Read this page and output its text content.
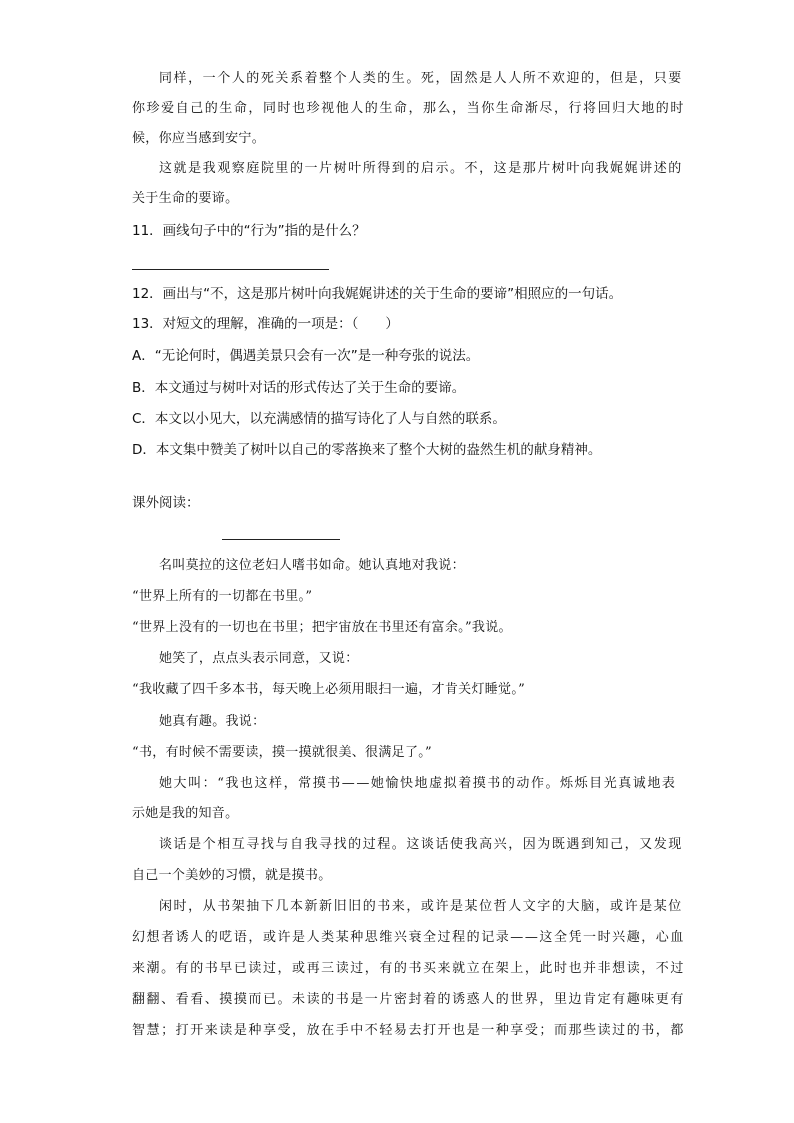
同样，一个人的死关系着整个人类的生。死，固然是人人所不欢迎的，但是，只要
你珍爱自己的生命，同时也珍视他人的生命，那么，当你生命渐尽，行将回归大地的时
候，你应当感到安宁。
这就是我观察庭院里的一片树叶所得到的启示。不，这是那片树叶向我娓娓讲述的
关于生命的要谛。
11．画线句子中的“行为”指的是什么？
12．画出与“不，这是那片树叶向我娓娓讲述的关于生命的要谛”相照应的一句话。
13．对短文的理解，准确的一项是：（　　）
A．“无论何时，偶遇美景只会有一次”是一种夸张的说法。
B．本文通过与树叶对话的形式传达了关于生命的要谛。
C．本文以小见大，以充满感情的描写诗化了人与自然的联系。
D．本文集中赞美了树叶以自己的零落换来了整个大树的盎然生机的献身精神。
课外阅读：
名叫莫拉的这位老妇人嗜书如命。她认真地对我说：
“世界上所有的一切都在书里。”
“世界上没有的一切也在书里；把宇宙放在书里还有富余。”我说。
她笑了，点点头表示同意，又说：
“我收藏了四千多本书，每天晚上必须用眼扫一遍，才肯关灯睡觉。”
她真有趣。我说：
“书，有时候不需要读，摸一摸就很美、很满足了。”
她大叫：“我也这样，常摸书——她愉快地虚拟着摸书的动作。烁烁目光真诚地表
示她是我的知音。
谈话是个相互寻找与自我寻找的过程。这谈话使我高兴，因为既遇到知己，又发现
自己一个美妙的习惯，就是摸书。
闲时，从书架抽下几本新新旧旧的书来，或许是某位哲人文字的大脑，或许是某位
幻想者诱人的呓语，或许是人类某种思维兴衰全过程的记录——这全凭一时兴趣，心血
来潮。有的书早已读过，或再三读过，有的书买来就立在架上，此时也并非想读，不过
翻翻、看看、摸摸而已。未读的书是一片密封着的诱惑人的世界，里边肯定有趣味更有
智慧；打开来读是种享受，放在手中不轻易去打开也是一种享受；而那些读过的书，都
